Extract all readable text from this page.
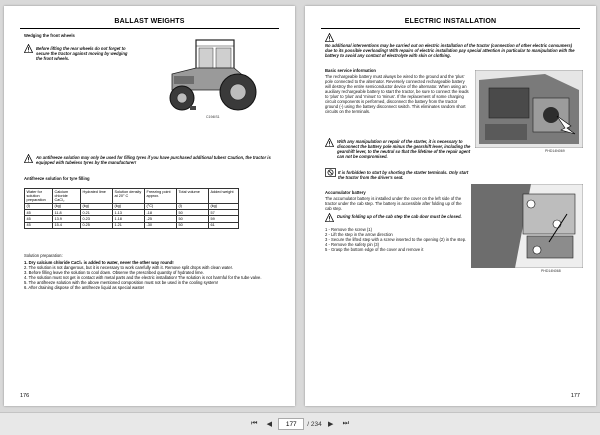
BALLAST WEIGHTS

Wedging the front wheels

Before lifting the rear wheels do not forget to secure the tractor against moving by wedging the front wheels.

C194IS1

An antifreeze solution may only be used for filling tyres if you have purchased additional tubes! Caution, the tractor is equipped with tubeless tyres by the manufacturer!

Antifreeze solution for tyre filling

Water for solution preparation	Calcium chloride CaCl₂	Hydrated lime	Solution density at 20° C	Freezing point approx.	Total volume	Added weight
(l)	(kg)	(kg)	(kg)	(°C)	(l)	(kg)
45	11.8	0.21	1.13	-18	50	57
45	13.9	0.23	1.18	-25	50	59
45	15.4	0.25	1.21	-30	50	61

Solution preparation:

1. Dry calcium chloride CaCl₂ is added to water, never the other way round!
2. The solution is not dangerous, but it is necessary to work carefully with it. Remove split drops with clean water.
3. Before filling leave the solution to cool down. Observe the prescribed quantity of hydrated lime.
4. The solution must not get in contact with metal parts and the electric installation! The solution is not harmful for the tube valve.
5. The antifreeze solution with the above mentioned composition must not be used in the cooling system!
6. After draining dispose of the antifreeze liquid as special waste!
176
ELECTRIC INSTALLATION

No additional interventions may be carried out on electric installation of the tractor (connection of other electric consumers) due to its possible overloading! With repairs of electric installation pay special attention in particular to manipulation with the battery to avoid any contact of electrolyte with skin or clothing.

Basic service information

The rechargeable battery must always be wired to the ground and the 'plus' pole connected to the alternator. Reversely connected rechargeable battery will destroy the entire semiconductor device of the alternator. When using an auxiliary rechargeable battery to start the tractor, be sure to connect the leads to 'plus' to 'plus' and 'minus' to 'minus'. If the replacement of some charging circuit components is performed, disconnect the battery from the tractor ground (-) using the battery disconnect switch. This eliminates random short circuits on the terminals.

PHD14N069

With any manipulation or repair of the starter, it is necessary to disconnect the battery pole minus the gearshift lever, including the gearshift lever, to the neutral so that the lifetime of the repair agent can not be compromised.

It is forbidden to start by shorting the starter terminals. Only start the tractor from the driver's seat.

Accumulator battery

The accumulator battery is installed under the cover on the left side of the tractor under the cab step. The battery is accessible after folding up of the cab step.

During folding up of the cab step the cab door must be closed.

1 - Remove the screw (1)
2 - Lift the step in the arrow direction
3 - Secure the lifted step with a screw inserted to the opening (2) in the step.
4 - Remove the safety pin (3)
5 - Grasp the bottom edge of the cover and remove it
PHD14N068
177
⏮	◀
177	/ 234 ▶	⏭
